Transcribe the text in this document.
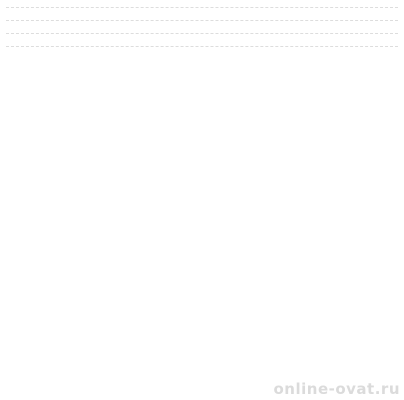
online-ovat.ru
